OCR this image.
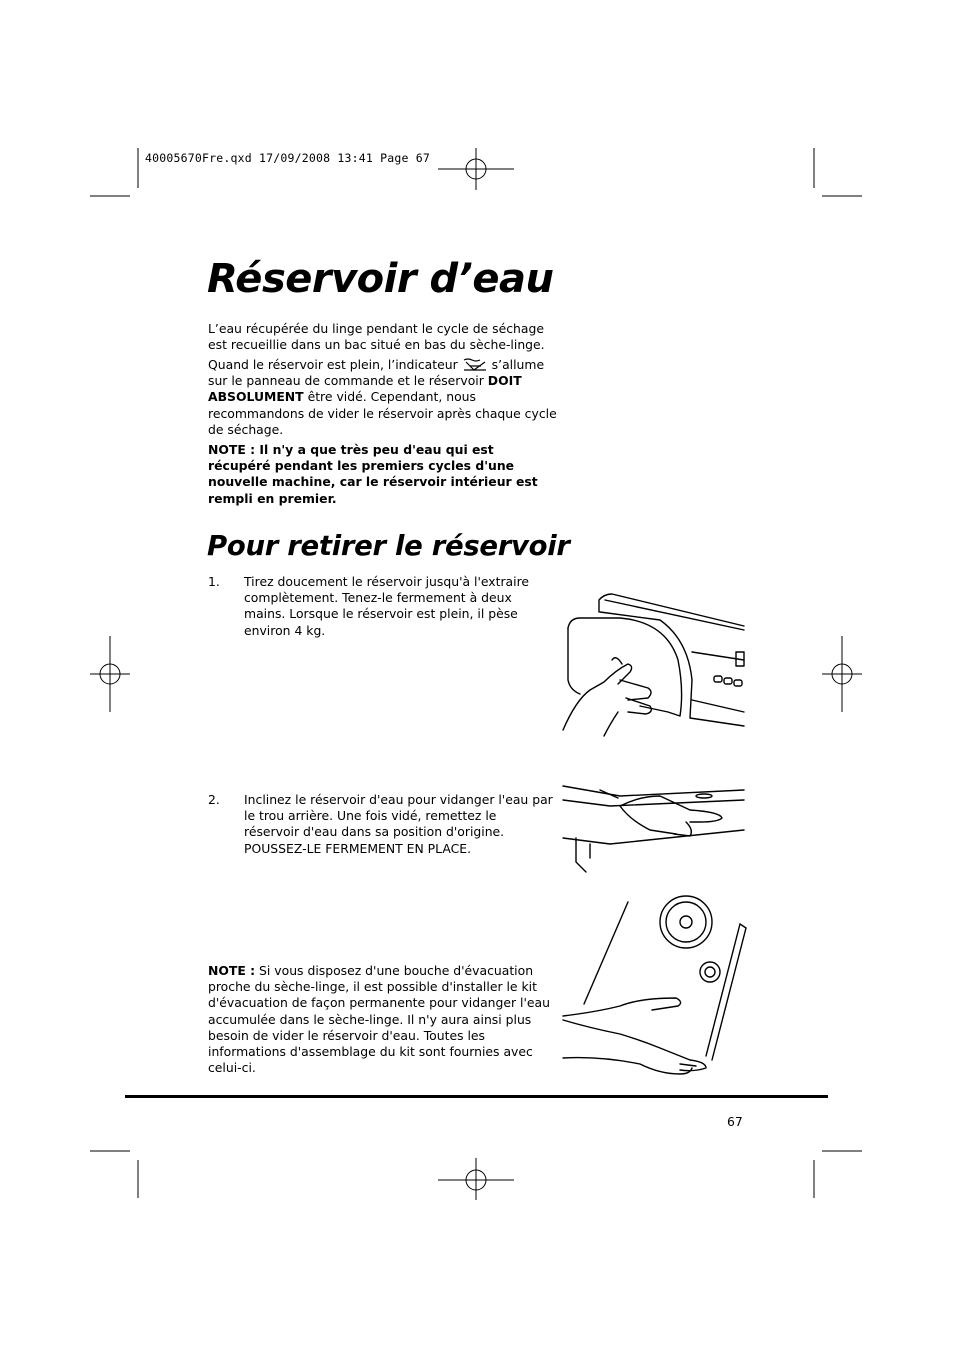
40005670Fre.qxd 17/09/2008 13:41 Page 67
Réservoir d’eau
L’eau récupérée du linge pendant le cycle de séchage est recueillie dans un bac situé en bas du sèche-linge.
Quand le réservoir est plein, l’indicateur	s’allume sur le panneau de commande et le réservoir DOIT ABSOLUMENT être vidé. Cependant, nous recommandons de vider le réservoir après chaque cycle de séchage.
NOTE : Il n'y a que très peu d'eau qui est récupéré pendant les premiers cycles d'une nouvelle machine, car le réservoir intérieur est rempli en premier.
Pour retirer le réservoir
1. Tirez doucement le réservoir jusqu'à l'extraire complètement. Tenez-le fermement à deux mains. Lorsque le réservoir est plein, il pèse environ 4 kg.
2. Inclinez le réservoir d'eau pour vidanger l'eau par le trou arrière. Une fois vidé, remettez le réservoir d'eau dans sa position d'origine. POUSSEZ-LE FERMEMENT EN PLACE.
NOTE : Si vous disposez d'une bouche d'évacuation proche du sèche-linge, il est possible d'installer le kit d'évacuation de façon permanente pour vidanger l'eau accumulée dans le sèche-linge. Il n'y aura ainsi plus besoin de vider le réservoir d'eau. Toutes les informations d'assemblage du kit sont fournies avec celui-ci.
67
